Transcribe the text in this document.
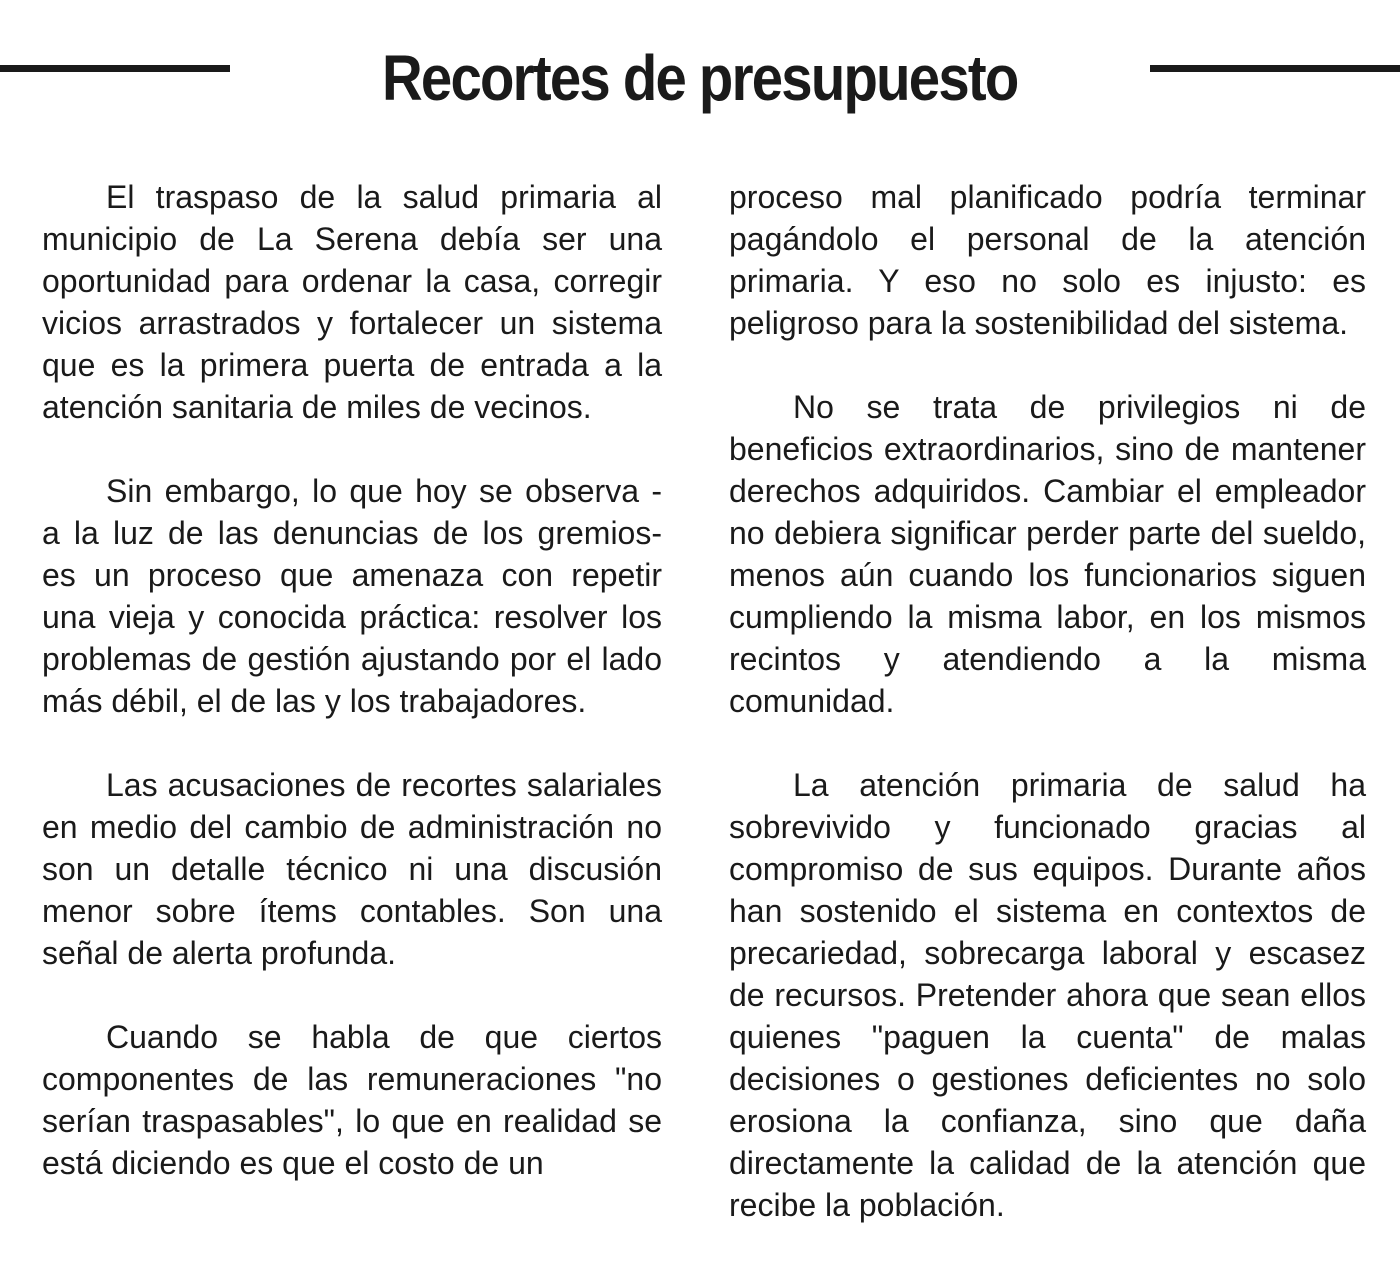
Recortes de presupuesto

El traspaso de la salud primaria al municipio de La Serena debía ser una oportunidad para ordenar la casa, corregir vicios arrastrados y fortalecer un sistema que es la primera puerta de entrada a la atención sanitaria de miles de vecinos.

Sin embargo, lo que hoy se observa - a la luz de las denuncias de los gremios- es un proceso que amenaza con repetir una vieja y conocida práctica: resolver los problemas de gestión ajustando por el lado más débil, el de las y los trabajadores.

Las acusaciones de recortes salariales en medio del cambio de administración no son un detalle técnico ni una discusión menor sobre ítems contables. Son una señal de alerta profunda.

Cuando se habla de que ciertos componentes de las remuneraciones "no serían traspasables", lo que en realidad se está diciendo es que el costo de un

proceso mal planificado podría terminar pagándolo el personal de la atención primaria. Y eso no solo es injusto: es peligroso para la sostenibilidad del sistema.

No se trata de privilegios ni de beneficios extraordinarios, sino de mantener derechos adquiridos. Cambiar el empleador no debiera significar perder parte del sueldo, menos aún cuando los funcionarios siguen cumpliendo la misma labor, en los mismos recintos y atendiendo a la misma comunidad.

La atención primaria de salud ha sobrevivido y funcionado gracias al compromiso de sus equipos. Durante años han sostenido el sistema en contextos de precariedad, sobrecarga laboral y escasez de recursos. Pretender ahora que sean ellos quienes "paguen la cuenta" de malas decisiones o gestiones deficientes no solo erosiona la confianza, sino que daña directamente la calidad de la atención que recibe la población.
